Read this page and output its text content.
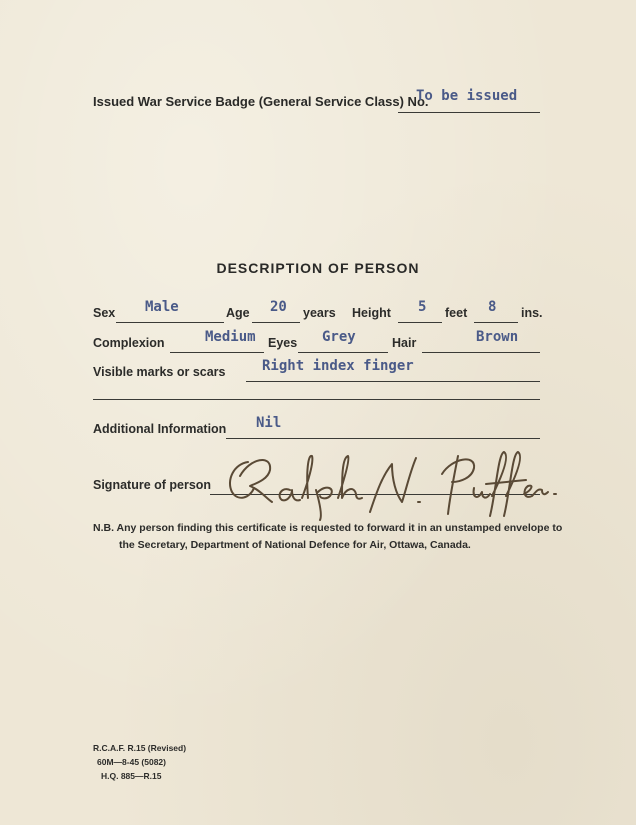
Issued War Service Badge (General Service Class) No.
To be issued
DESCRIPTION OF PERSON
Sex Male	Age 20 years Height 5 feet 8 ins.
Complexion	Medium Eyes Grey	Hair	Brown
Visible marks or scars	Right index finger
Additional Information Nil
Signature of person
N.B. Any person finding this certificate is requested to forward it in an unstamped envelope to
the Secretary, Department of National Defence for Air, Ottawa, Canada.
R.C.A.F. R.15 (Revised)
60M—8-45 (5082)
H.Q. 885—R.15
